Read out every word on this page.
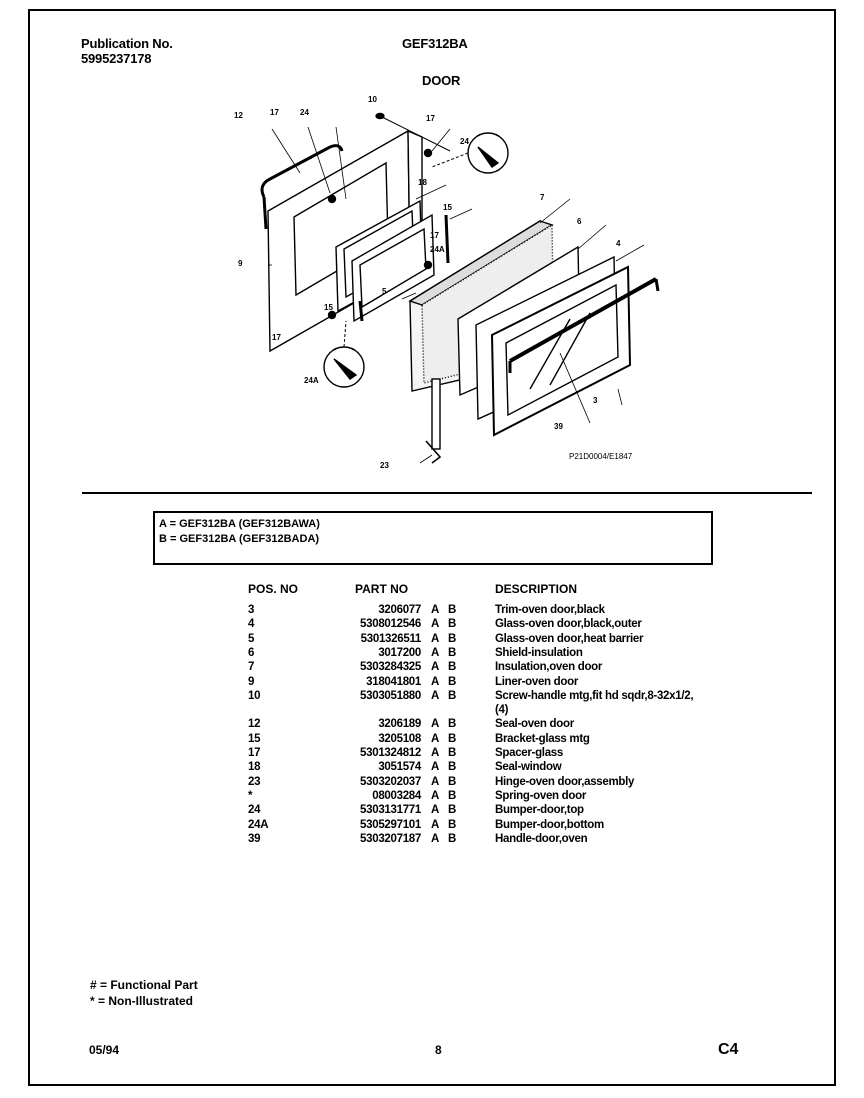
Publication No.
5995237178
GEF312BA
DOOR
12	17	24
10
17
24
18
15
7
6
4
9
17
24A
5
15
17
24A
3
39
23
P21D0004/E1847
A = GEF312BA (GEF312BAWA)
B = GEF312BA (GEF312BADA)
POS. NO	PART NO	DESCRIPTION
3	3206077 A B	Trim-oven door,black
4	5308012546 A B	Glass-oven door,black,outer
5	5301326511 A B	Glass-oven door,heat barrier
6	3017200 A B	Shield-insulation
7	5303284325 A B	Insulation,oven door
9	318041801 A B	Liner-oven door
10	5303051880 A B	Screw-handle mtg,fit hd sqdr,8-32x1/2,
(4)
12	3206189 A B	Seal-oven door
15	3205108 A B	Bracket-glass mtg
17	5301324812 A B	Spacer-glass
18	3051574 A B	Seal-window
23	5303202037 A B	Hinge-oven door,assembly
*	08003284 A B	Spring-oven door
24	5303131771 A B	Bumper-door,top
24A	5305297101 A B	Bumper-door,bottom
39	5303207187 A B	Handle-door,oven
# = Functional Part
* = Non-Illustrated
05/94	8	C4
